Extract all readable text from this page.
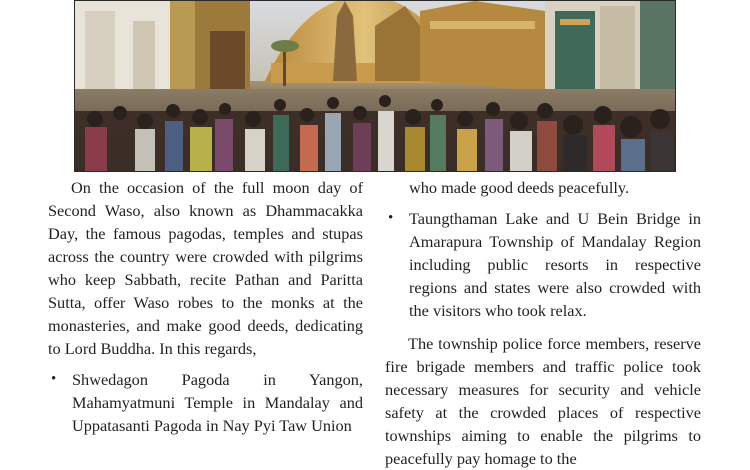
On the occasion of the full moon day of Second Waso, also known as Dhammacakka Day, the famous pagodas, temples and stupas across the country were crowded with pilgrims who keep Sabbath, recite Pathan and Paritta Sutta, offer Waso robes to the monks at the monasteries, and make good deeds, dedicating to Lord Buddha. In this regards,

• Shwedagon Pagoda in Yangon, Mahamyatmuni Temple in Mandalay and Uppatasanti Pagoda in Nay Pyi Taw Union

who made good deeds peacefully.

• Taungthaman Lake and U Bein Bridge in Amarapura Township of Mandalay Region including public resorts in respective regions and states were also crowded with the visitors who took relax.

The township police force members, reserve fire brigade members and traffic police took necessary measures for security and vehicle safety at the crowded places of respective townships aiming to enable the pilgrims to peacefully pay homage to the
